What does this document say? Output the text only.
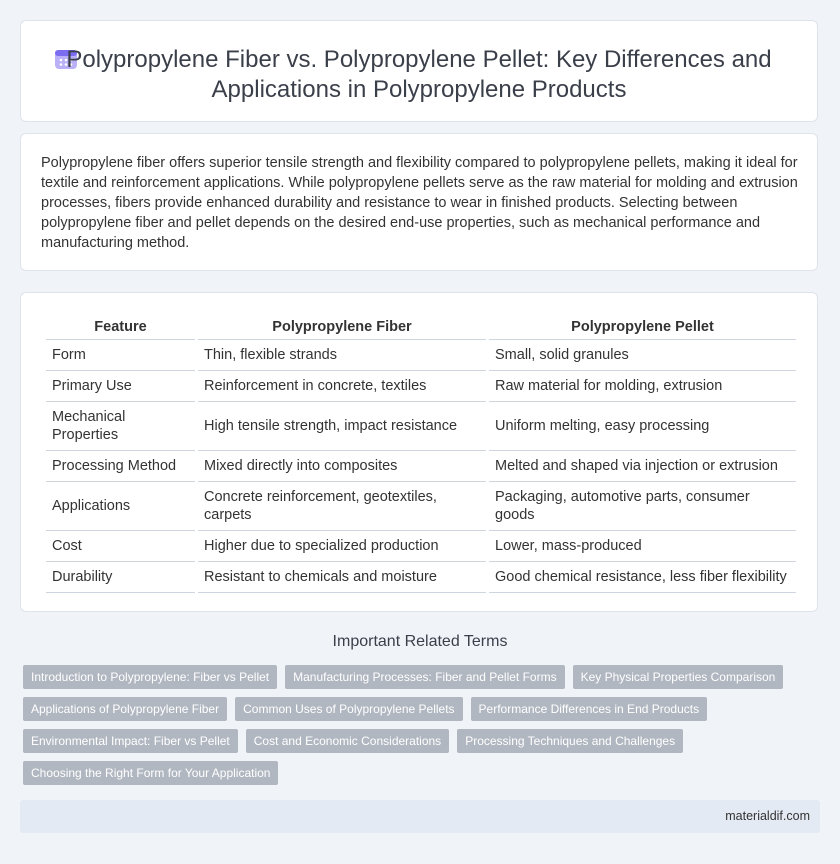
Polypropylene Fiber vs. Polypropylene Pellet: Key Differences and Applications in Polypropylene Products

Polypropylene fiber offers superior tensile strength and flexibility compared to polypropylene pellets, making it ideal for textile and reinforcement applications. While polypropylene pellets serve as the raw material for molding and extrusion processes, fibers provide enhanced durability and resistance to wear in finished products. Selecting between polypropylene fiber and pellet depends on the desired end-use properties, such as mechanical performance and manufacturing method.

Feature	Polypropylene Fiber	Polypropylene Pellet
Form	Thin, flexible strands	Small, solid granules
Primary Use	Reinforcement in concrete, textiles	Raw material for molding, extrusion
Mechanical Properties	High tensile strength, impact resistance	Uniform melting, easy processing
Processing Method	Mixed directly into composites	Melted and shaped via injection or extrusion
Applications	Concrete reinforcement, geotextiles, carpets	Packaging, automotive parts, consumer goods
Cost	Higher due to specialized production	Lower, mass-produced
Durability	Resistant to chemicals and moisture	Good chemical resistance, less fiber flexibility
Important Related Terms
Introduction to Polypropylene: Fiber vs Pellet	Manufacturing Processes: Fiber and Pellet Forms	Key Physical Properties Comparison
Applications of Polypropylene Fiber	Common Uses of Polypropylene Pellets	Performance Differences in End Products
Environmental Impact: Fiber vs Pellet	Cost and Economic Considerations	Processing Techniques and Challenges
Choosing the Right Form for Your Application
materialdif.com
